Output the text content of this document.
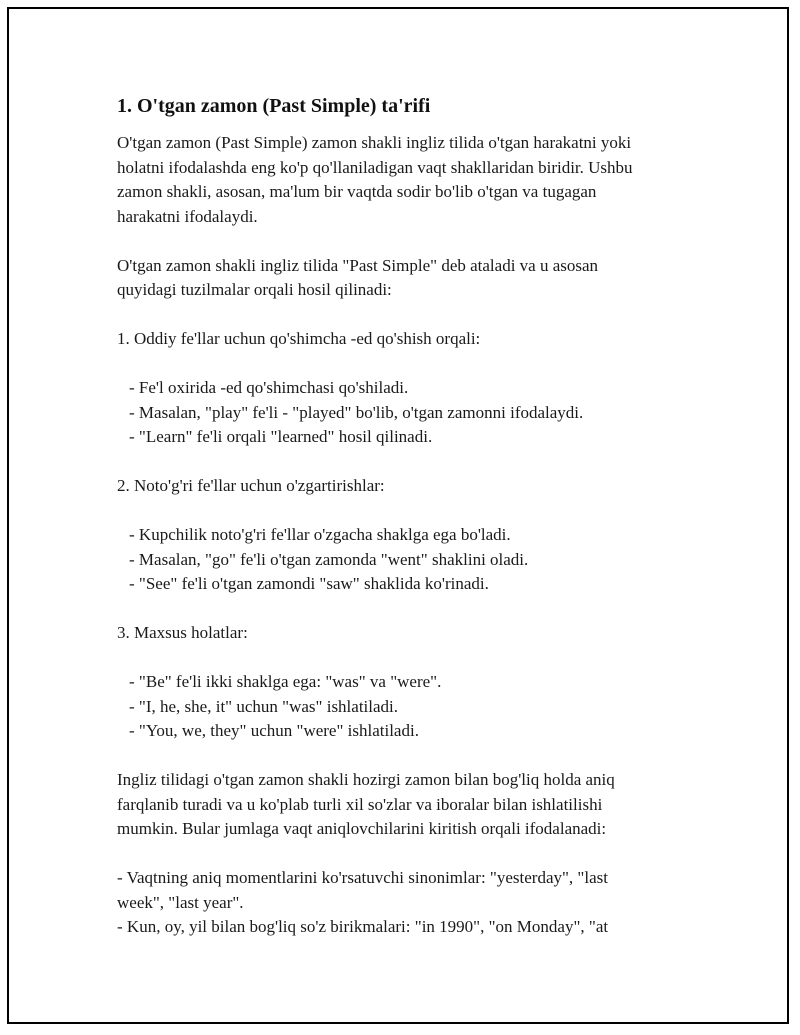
1. O'tgan zamon (Past Simple) ta'rifi

O'tgan zamon (Past Simple) zamon shakli ingliz tilida o'tgan harakatni yoki

holatni ifodalashda eng ko'p qo'llaniladigan vaqt shakllaridan biridir. Ushbu

zamon shakli, asosan, ma'lum bir vaqtda sodir bo'lib o'tgan va tugagan

harakatni ifodalaydi.

O'tgan zamon shakli ingliz tilida "Past Simple" deb ataladi va u asosan

quyidagi tuzilmalar orqali hosil qilinadi:

1. Oddiy fe'llar uchun qo'shimcha -ed qo'shish orqali:

- Fe'l oxirida -ed qo'shimchasi qo'shiladi.

- Masalan, "play" fe'li - "played" bo'lib, o'tgan zamonni ifodalaydi.

- "Learn" fe'li orqali "learned" hosil qilinadi.

2. Noto'g'ri fe'llar uchun o'zgartirishlar:

- Kupchilik noto'g'ri fe'llar o'zgacha shaklga ega bo'ladi.

- Masalan, "go" fe'li o'tgan zamonda "went" shaklini oladi.

- "See" fe'li o'tgan zamondi "saw" shaklida ko'rinadi.

3. Maxsus holatlar:

- "Be" fe'li ikki shaklga ega: "was" va "were".

- "I, he, she, it" uchun "was" ishlatiladi.

- "You, we, they" uchun "were" ishlatiladi.

Ingliz tilidagi o'tgan zamon shakli hozirgi zamon bilan bog'liq holda aniq

farqlanib turadi va u ko'plab turli xil so'zlar va iboralar bilan ishlatilishi

mumkin. Bular jumlaga vaqt aniqlovchilarini kiritish orqali ifodalanadi:

- Vaqtning aniq momentlarini ko'rsatuvchi sinonimlar: "yesterday", "last

week", "last year".

- Kun, oy, yil bilan bog'liq so'z birikmalari: "in 1990", "on Monday", "at
